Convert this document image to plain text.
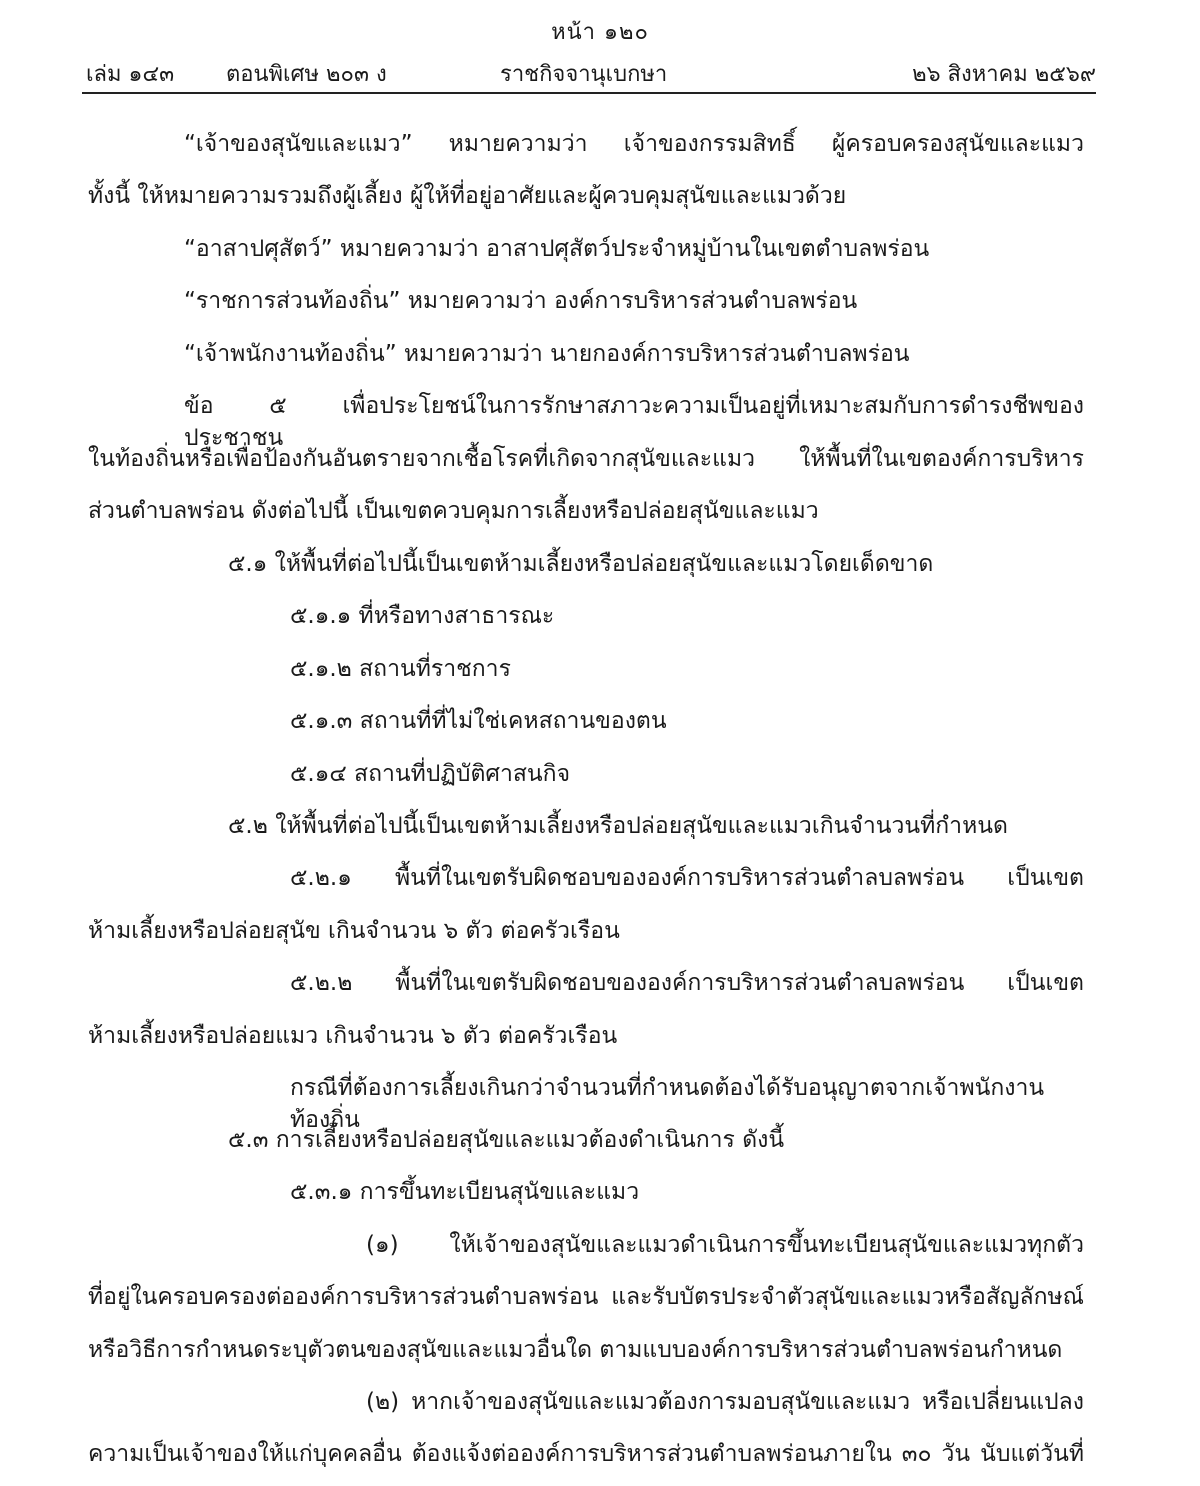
หน้า ๑๒๐
เล่ม ๑๔๓ ตอนพิเศษ ๒๐๓ ง	ราชกิจจานุเบกษา	๒๖ สิงหาคม ๒๕๖๙
“เจ้าของสุนัขและแมว” หมายความว่า เจ้าของกรรมสิทธิ์ ผู้ครอบครองสุนัขและแมว
ทั้งนี้ ให้หมายความรวมถึงผู้เลี้ยง ผู้ให้ที่อยู่อาศัยและผู้ควบคุมสุนัขและแมวด้วย
“อาสาปศุสัตว์” หมายความว่า อาสาปศุสัตว์ประจำหมู่บ้านในเขตตำบลพร่อน
“ราชการส่วนท้องถิ่น” หมายความว่า องค์การบริหารส่วนตำบลพร่อน
“เจ้าพนักงานท้องถิ่น” หมายความว่า นายกองค์การบริหารส่วนตำบลพร่อน
ข้อ ๕ เพื่อประโยชน์ในการรักษาสภาวะความเป็นอยู่ที่เหมาะสมกับการดำรงชีพของประชาชน
ในท้องถิ่นหรือเพื่อป้องกันอันตรายจากเชื้อโรคที่เกิดจากสุนัขและแมว ให้พื้นที่ในเขตองค์การบริหาร
ส่วนตำบลพร่อน ดังต่อไปนี้ เป็นเขตควบคุมการเลี้ยงหรือปล่อยสุนัขและแมว
๕.๑ ให้พื้นที่ต่อไปนี้เป็นเขตห้ามเลี้ยงหรือปล่อยสุนัขและแมวโดยเด็ดขาด
๕.๑.๑ ที่หรือทางสาธารณะ
๕.๑.๒ สถานที่ราชการ
๕.๑.๓ สถานที่ที่ไม่ใช่เคหสถานของตน
๕.๑๔ สถานที่ปฏิบัติศาสนกิจ
๕.๒ ให้พื้นที่ต่อไปนี้เป็นเขตห้ามเลี้ยงหรือปล่อยสุนัขและแมวเกินจำนวนที่กำหนด
๕.๒.๑ พื้นที่ในเขตรับผิดชอบขององค์การบริหารส่วนตำลบลพร่อน เป็นเขต
ห้ามเลี้ยงหรือปล่อยสุนัข เกินจำนวน ๖ ตัว ต่อครัวเรือน
๕.๒.๒ พื้นที่ในเขตรับผิดชอบขององค์การบริหารส่วนตำลบลพร่อน เป็นเขต
ห้ามเลี้ยงหรือปล่อยแมว เกินจำนวน ๖ ตัว ต่อครัวเรือน
กรณีที่ต้องการเลี้ยงเกินกว่าจำนวนที่กำหนดต้องได้รับอนุญาตจากเจ้าพนักงานท้องถิ่น
๕.๓ การเลี้ยงหรือปล่อยสุนัขและแมวต้องดำเนินการ ดังนี้
๕.๓.๑ การขึ้นทะเบียนสุนัขและแมว
(๑) ให้เจ้าของสุนัขและแมวดำเนินการขึ้นทะเบียนสุนัขและแมวทุกตัว
ที่อยู่ในครอบครองต่อองค์การบริหารส่วนตำบลพร่อน และรับบัตรประจำตัวสุนัขและแมวหรือสัญลักษณ์
หรือวิธีการกำหนดระบุตัวตนของสุนัขและแมวอื่นใด ตามแบบองค์การบริหารส่วนตำบลพร่อนกำหนด
(๒) หากเจ้าของสุนัขและแมวต้องการมอบสุนัขและแมว หรือเปลี่ยนแปลง
ความเป็นเจ้าของให้แก่บุคคลอื่น ต้องแจ้งต่อองค์การบริหารส่วนตำบลพร่อนภายใน ๓๐ วัน นับแต่วันที่
